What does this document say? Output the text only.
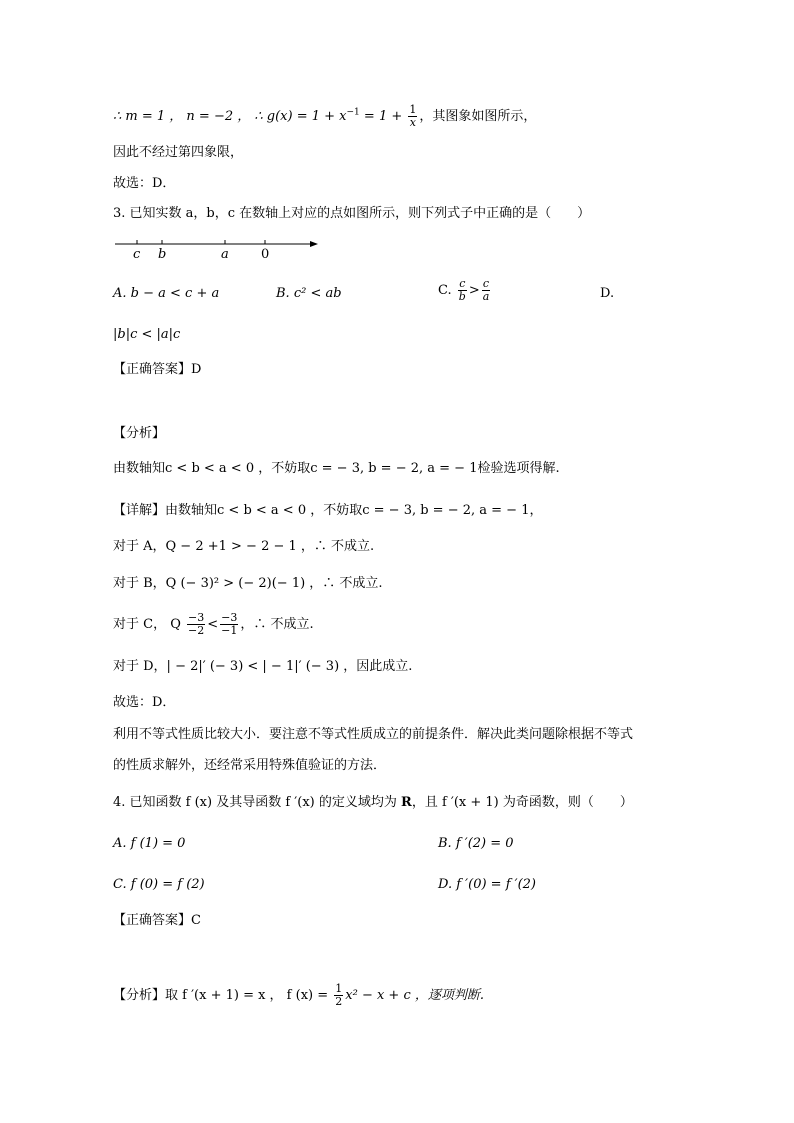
∴ m = 1 ， n = −2 ， ∴ $g(x) = 1 + x^{-1} = 1 + \frac{1}{x}$ ，其图象如图所示，
因此不经过第四象限，
故选：D．
3. 已知实数 a，b，c 在数轴上对应的点如图所示，则下列式子中正确的是（　　）
c b	a 0
A. b − a < c + a	B. c² < ab	C. $\frac{c}{b} > \frac{c}{a}$	D.
|b|c < |a|c
【正确答案】D
【分析】
由数轴知c < b < a < 0 ，不妨取c = − 3, b = − 2, a = − 1检验选项得解.
【详解】由数轴知c < b < a < 0 ，不妨取c = − 3, b = − 2, a = − 1，
对于 A，Q − 2 +1 > − 2 − 1 ，∴ 不成立.
对于 B，Q (− 3)² > (− 2)(− 1) ，∴ 不成立.
对于 C， Q $\frac{-3}{-2} < \frac{-3}{-1}$ ，∴ 不成立.
对于 D，| − 2|′ (− 3) < | − 1|′ (− 3) ，因此成立.
故选：D．
利用不等式性质比较大小．要注意不等式性质成立的前提条件．解决此类问题除根据不等式
的性质求解外，还经常采用特殊值验证的方法．
4. 已知函数 f (x) 及其导函数 f ′(x) 的定义域均为 R，且 f ′(x + 1) 为奇函数，则（　　）
A. f (1) = 0	B. f ′(2) = 0
C. f (0) = f (2)	D. f ′(0) = f ′(2)
【正确答案】C
【分析】取 f ′(x + 1) = x ， f $(x) = \frac{1}{2} x^2 - x + c$ ，逐项判断.
